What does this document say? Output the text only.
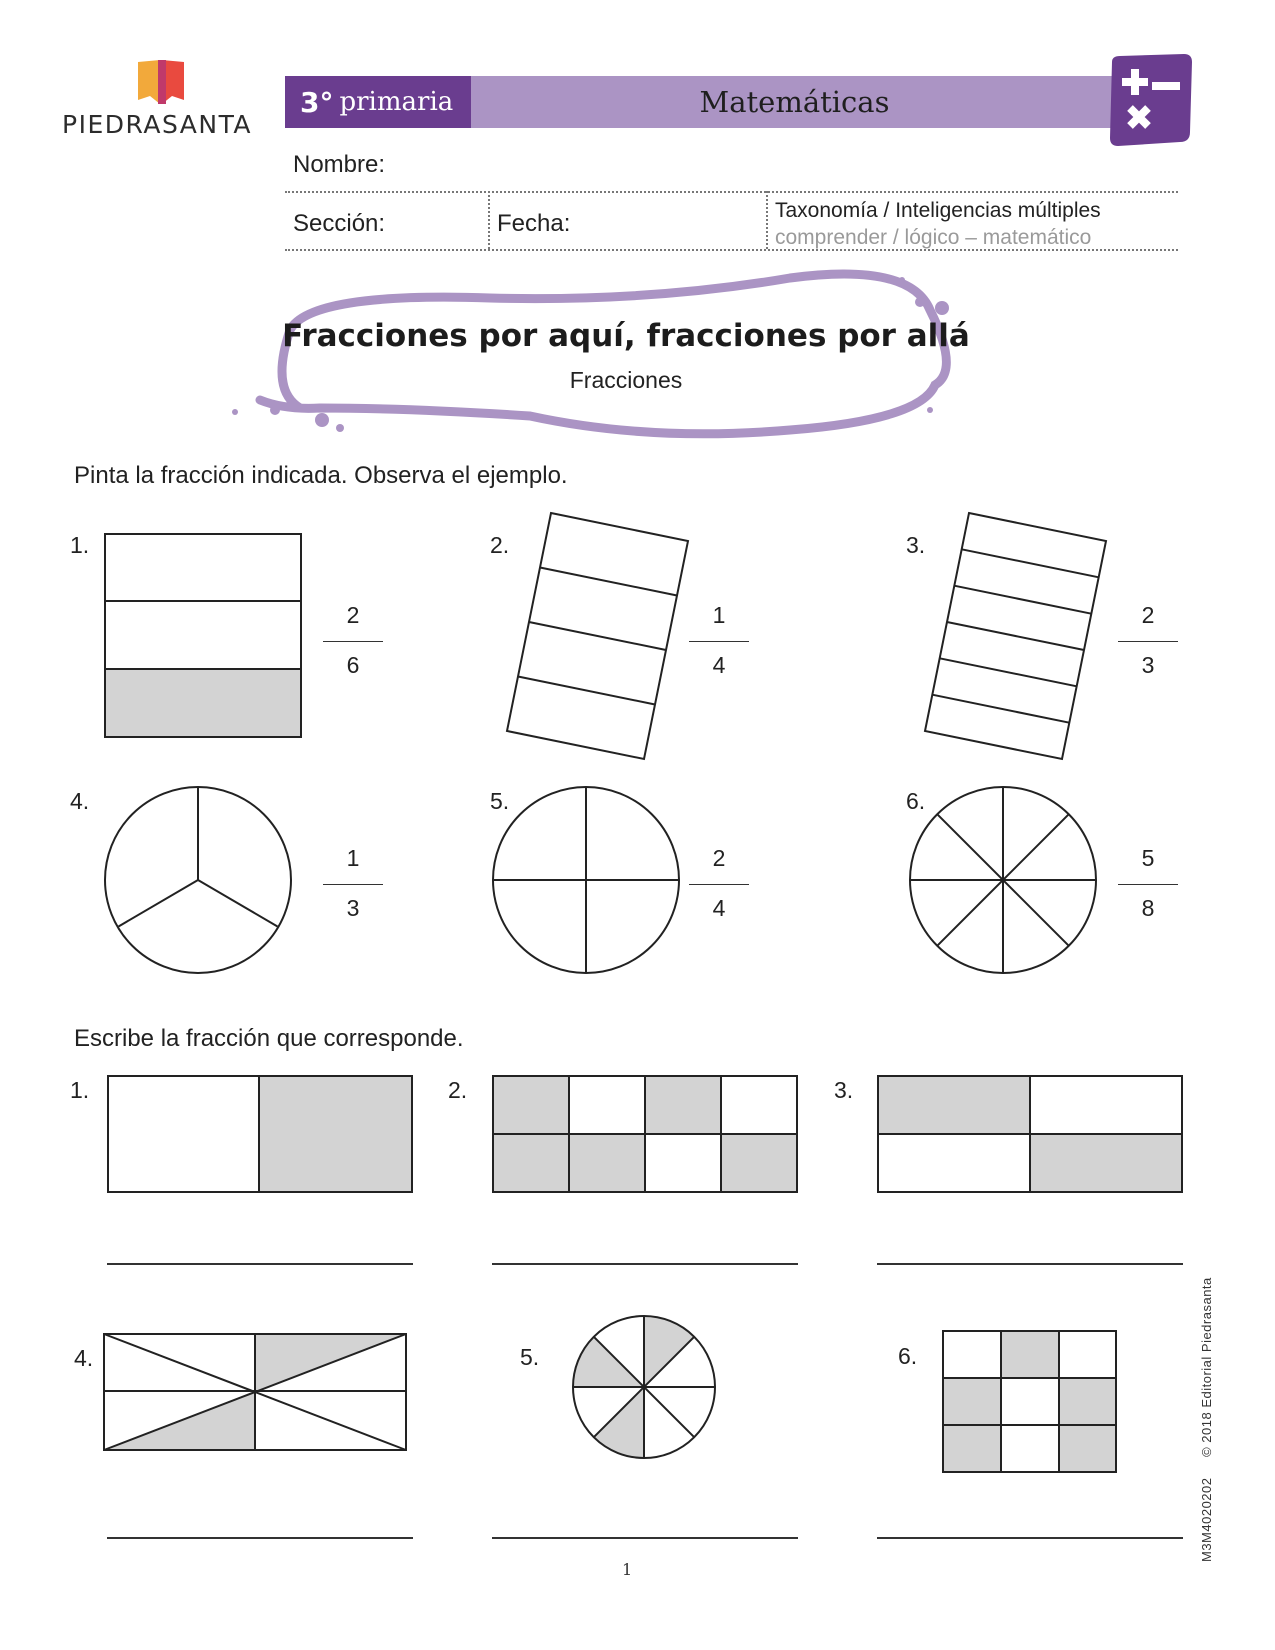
PIEDRASANTA
3° primaria	Matemáticas
Nombre:
Sección:	Fecha:	Taxonomía / Inteligencias múltiples
comprender / lógico – matemático
Fracciones por aquí, fracciones por allá
Fracciones
Pinta la fracción indicada. Observa el ejemplo.
1.
2
6
2.
1
4
3.
2
3
4.
1
3
5.
2
4
6.
5
8
Escribe la fracción que corresponde.
1.	2.	3.
4.	5.	6.
M3M4020202     © 2018 Editorial Piedrasanta
1
